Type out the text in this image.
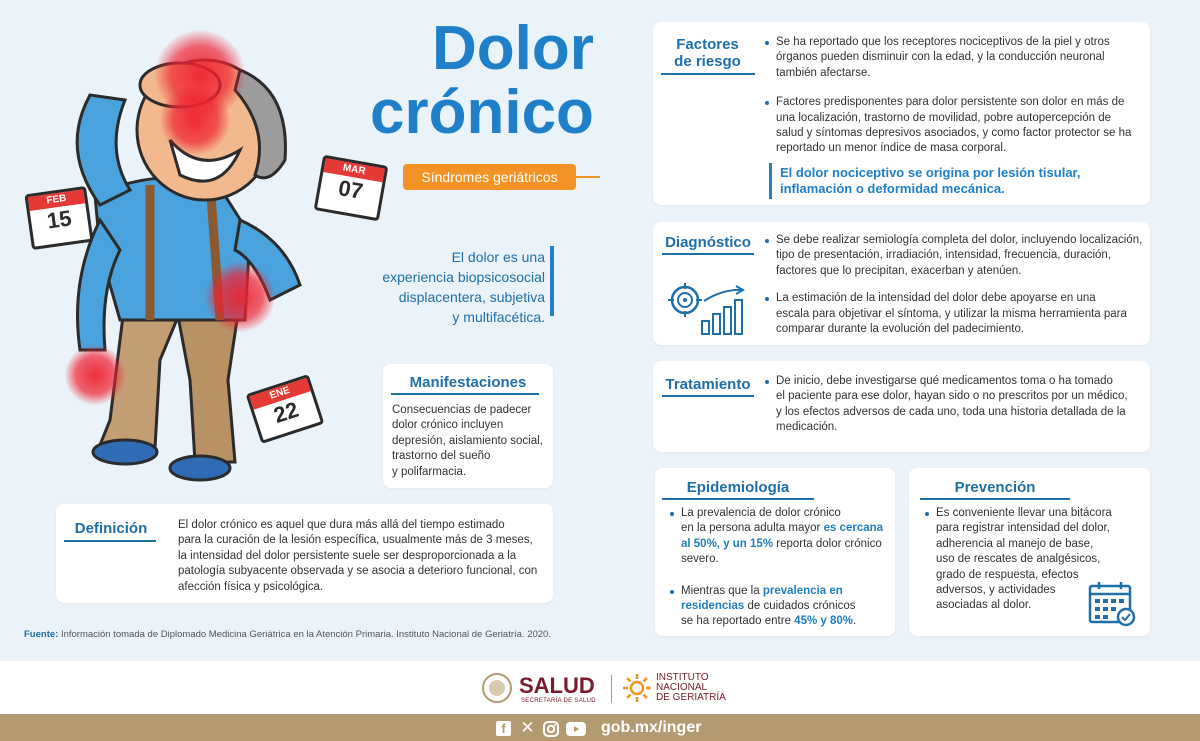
FEB
15
MAR
07
ENE
22
Dolor
crónico
Síndromes geriátricos
El dolor es una
experiencia biopsicosocial
displacentera, subjetiva
y multifacética.
Manifestaciones
Consecuencias de padecer
dolor crónico incluyen
depresión, aislamiento social,
trastorno del sueño
y polifarmacia.
Definición	El dolor crónico es aquel que dura más allá del tiempo estimado
para la curación de la lesión específica, usualmente más de 3 meses,
la intensidad del dolor persistente suele ser desproporcionada a la
patología subyacente observada y se asocia a deterioro funcional, con
afección física y psicológica.
Fuente: Información tomada de Diplomado Medicina Geriátrica en la Atención Primaria. Instituto Nacional de Geriatría. 2020.
Factores
de riesgo
Se ha reportado que los receptores nociceptivos de la piel y otros
órganos pueden disminuir con la edad, y la conducción neuronal
también afectarse.
Factores predisponentes para dolor persistente son dolor en más de
una localización, trastorno de movilidad, pobre autopercepción de
salud y síntomas depresivos asociados, y como factor protector se ha
reportado un menor índice de masa corporal.
El dolor nociceptivo se origina por lesión tisular,
inflamación o deformidad mecánica.
Diagnóstico	Se debe realizar semiología completa del dolor, incluyendo localización,
tipo de presentación, irradiación, intensidad, frecuencia, duración,
factores que lo precipitan, exacerban y atenúen.
La estimación de la intensidad del dolor debe apoyarse en una
escala para objetivar el síntoma, y utilizar la misma herramienta para
comparar durante la evolución del padecimiento.
Tratamiento	De inicio, debe investigarse qué medicamentos toma o ha tomado
el paciente para ese dolor, hayan sido o no prescritos por un médico,
y los efectos adversos de cada uno, toda una historia detallada de la
medicación.
Epidemiología
La prevalencia de dolor crónico
en la persona adulta mayor es cercana
al 50%, y un 15% reporta dolor crónico
severo.
Mientras que la prevalencia en
residencias de cuidados crónicos
se ha reportado entre 45% y 80%.
Prevención
Es conveniente llevar una bitácora
para registrar intensidad del dolor,
adherencia al manejo de base,
uso de rescates de analgésicos,
grado de respuesta, efectos
adversos, y actividades
asociadas al dolor.
SALUD
SECRETARÍA DE SALUD
INSTITUTO
NACIONAL
DE GERIATRÍA
f ✕	gob.mx/inger
